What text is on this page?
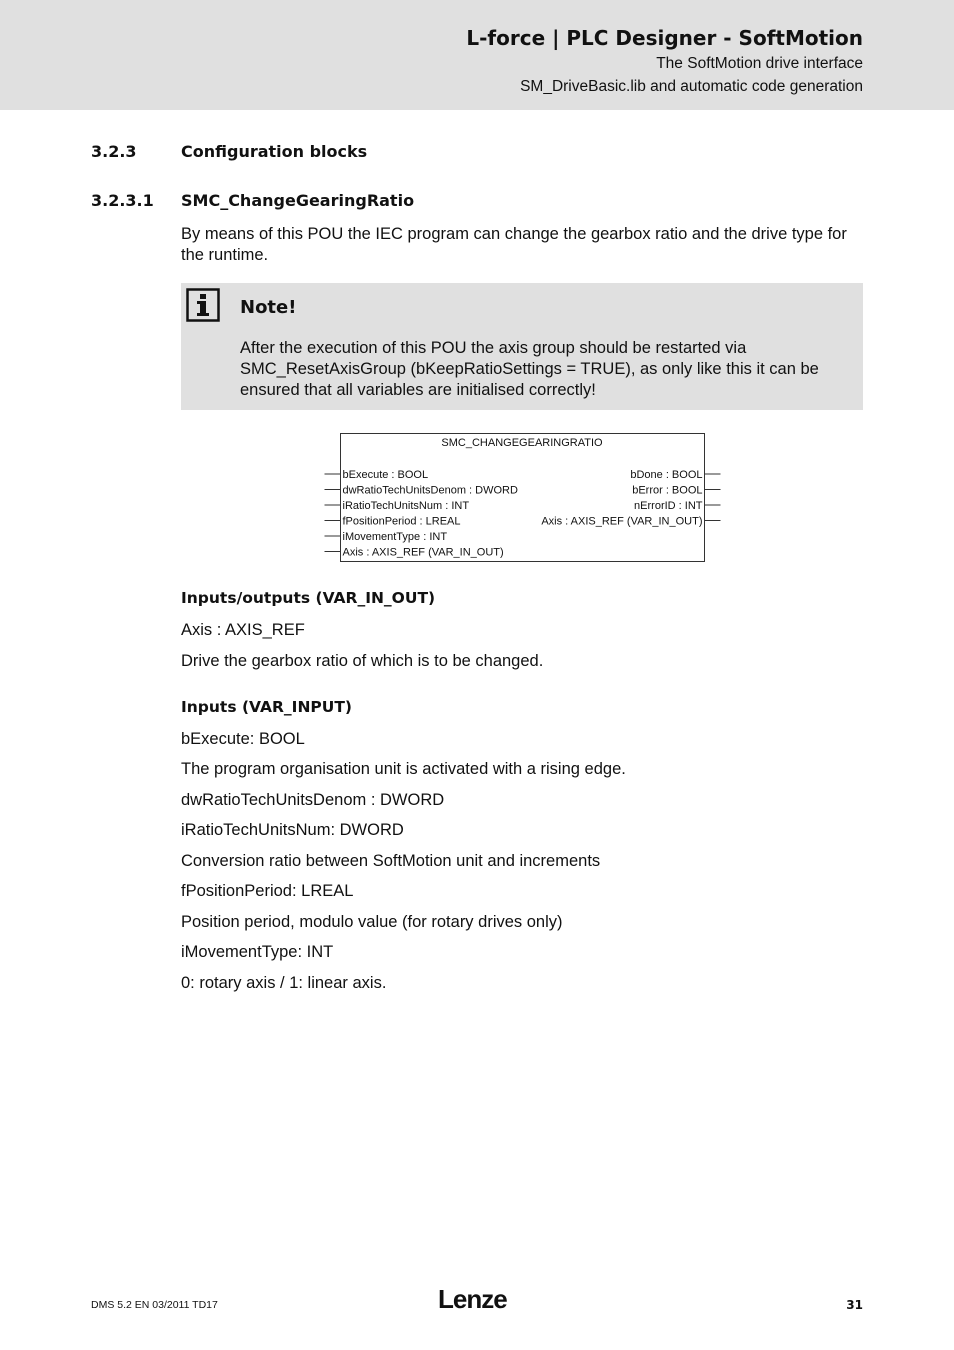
L-force | PLC Designer - SoftMotion
The SoftMotion drive interface
SM_DriveBasic.lib and automatic code generation
3.2.3	Configuration blocks
3.2.3.1 SMC_ChangeGearingRatio
By means of this POU the IEC program can change the gearbox ratio and the drive type for the runtime.
Note!
After the execution of this POU the axis group should be restarted via SMC_ResetAxisGroup (bKeepRatioSettings = TRUE), as only like this it can be ensured that all variables are initialised correctly!
SMC_CHANGEGEARINGRATIO
bExecute : BOOL
dwRatioTechUnitsDenom : DWORD
iRatioTechUnitsNum : INT
fPositionPeriod : LREAL
iMovementType : INT
Axis : AXIS_REF (VAR_IN_OUT)
bDone : BOOL
bError : BOOL
nErrorID : INT
Axis : AXIS_REF (VAR_IN_OUT)
Inputs/outputs (VAR_IN_OUT)
Axis : AXIS_REF
Drive the gearbox ratio of which is to be changed.
Inputs (VAR_INPUT)
bExecute: BOOL
The program organisation unit is activated with a rising edge.
dwRatioTechUnitsDenom : DWORD
iRatioTechUnitsNum: DWORD
Conversion ratio between SoftMotion unit and increments
fPositionPeriod: LREAL
Position period, modulo value (for rotary drives only)
iMovementType: INT
0: rotary axis / 1: linear axis.
DMS 5.2 EN 03/2011 TD17	Lenze	31
